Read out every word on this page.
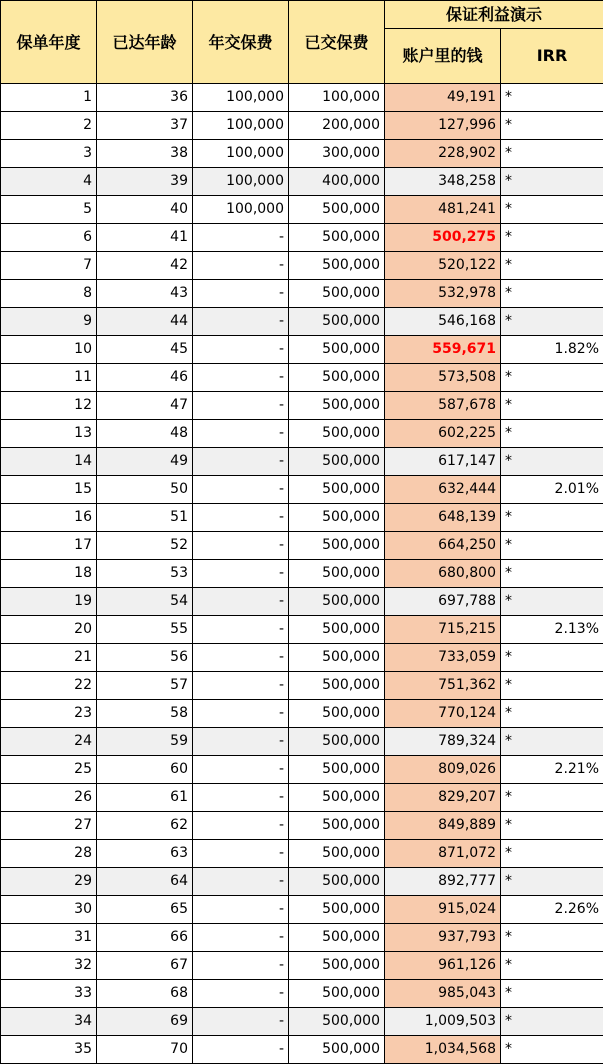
保单年度	已达年龄	年交保费	已交保费	保证利益演示	
				账户里的钱	IRR
1	36	100,000	100,000	49,191	*
2	37	100,000	200,000	127,996	*
3	38	100,000	300,000	228,902	*
4	39	100,000	400,000	348,258	*
5	40	100,000	500,000	481,241	*
6	41	-	500,000	500,275	*
7	42	-	500,000	520,122	*
8	43	-	500,000	532,978	*
9	44	-	500,000	546,168	*
10	45	-	500,000	559,671	1.82%
11	46	-	500,000	573,508	*
12	47	-	500,000	587,678	*
13	48	-	500,000	602,225	*
14	49	-	500,000	617,147	*
15	50	-	500,000	632,444	2.01%
16	51	-	500,000	648,139	*
17	52	-	500,000	664,250	*
18	53	-	500,000	680,800	*
19	54	-	500,000	697,788	*
20	55	-	500,000	715,215	2.13%
21	56	-	500,000	733,059	*
22	57	-	500,000	751,362	*
23	58	-	500,000	770,124	*
24	59	-	500,000	789,324	*
25	60	-	500,000	809,026	2.21%
26	61	-	500,000	829,207	*
27	62	-	500,000	849,889	*
28	63	-	500,000	871,072	*
29	64	-	500,000	892,777	*
30	65	-	500,000	915,024	2.26%
31	66	-	500,000	937,793	*
32	67	-	500,000	961,126	*
33	68	-	500,000	985,043	*
34	69	-	500,000	1,009,503	*
35	70	-	500,000	1,034,568	*
